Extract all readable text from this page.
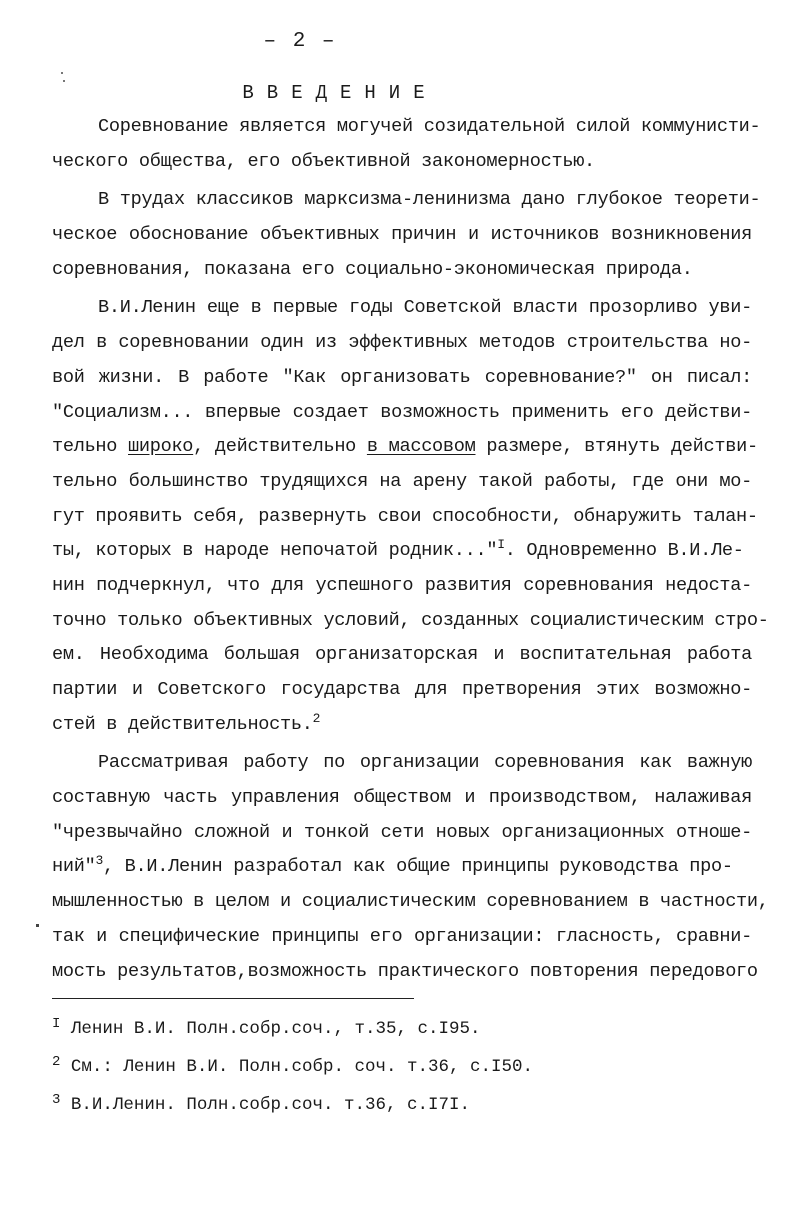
– 2 –
ВВЕДЕНИЕ
Соревнование является могучей созидательной силой коммунисти-
ческого общества, его объективной закономерностью.
В трудах классиков марксизма-ленинизма дано глубокое теорети-
ческое обоснование объективных причин и источников возникновения
соревнования, показана его социально-экономическая природа.
В.И.Ленин еще в первые годы Советской власти прозорливо уви-
дел в соревновании один из эффективных методов строительства но-
вой жизни. В работе "Как организовать соревнование?" он писал:
"Социализм... впервые создает возможность применить его действи-
тельно широко, действительно в массовом размере, втянуть действи-
тельно большинство трудящихся на арену такой работы, где они мо-
гут проявить себя, развернуть свои способности, обнаружить талан-
ты, которых в народе непочатой родник..."$^I$. Одновременно В.И.Ле-
нин подчеркнул, что для успешного развития соревнования недоста-
точно только объективных условий, созданных социалистическим стро-
ем. Необходима большая организаторская и воспитательная работа
партии и Советского государства для претворения этих возможно-
стей в действительность.$^2$
Рассматривая работу по организации соревнования как важную
составную часть управления обществом и производством, налаживая
"чрезвычайно сложной и тонкой сети новых организационных отноше-
ний"$^3$, В.И.Ленин разработал как общие принципы руководства про-
мышленностью в целом и социалистическим соревнованием в частности,
так и специфические принципы его организации: гласность, сравни-
мость результатов,возможность практического повторения передового
$^I$ Ленин В.И. Полн.собр.соч., т.35, с.I95.
$^2$ См.: Ленин В.И. Полн.собр. соч. т.36, с.I50.
$^3$ В.И.Ленин. Полн.собр.соч. т.36, с.I7I.
